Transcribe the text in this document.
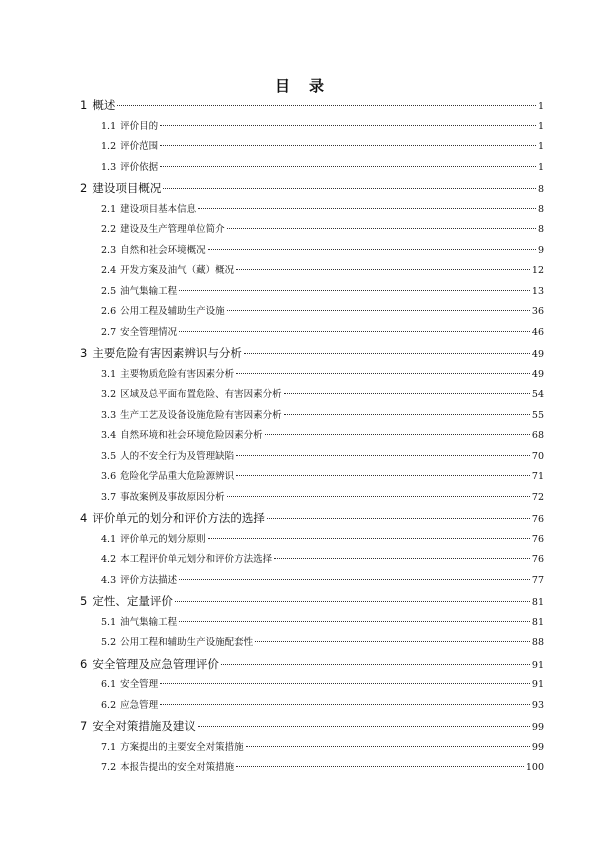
目 录
1 概述	1
1.1 评价目的	1
1.2 评价范围	1
1.3 评价依据	1
2 建设项目概况	8
2.1 建设项目基本信息	8
2.2 建设及生产管理单位简介	8
2.3 自然和社会环境概况	9
2.4 开发方案及油气（藏）概况	12
2.5 油气集输工程	13
2.6 公用工程及辅助生产设施	36
2.7 安全管理情况	46
3 主要危险有害因素辨识与分析	49
3.1 主要物质危险有害因素分析	49
3.2 区域及总平面布置危险、有害因素分析	54
3.3 生产工艺及设备设施危险有害因素分析	55
3.4 自然环境和社会环境危险因素分析	68
3.5 人的不安全行为及管理缺陷	70
3.6 危险化学品重大危险源辨识	71
3.7 事故案例及事故原因分析	72
4 评价单元的划分和评价方法的选择	76
4.1 评价单元的划分原则	76
4.2 本工程评价单元划分和评价方法选择	76
4.3 评价方法描述	77
5 定性、定量评价	81
5.1 油气集输工程	81
5.2 公用工程和辅助生产设施配套性	88
6 安全管理及应急管理评价	91
6.1 安全管理	91
6.2 应急管理	93
7 安全对策措施及建议	99
7.1 方案提出的主要安全对策措施	99
7.2 本报告提出的安全对策措施	100
